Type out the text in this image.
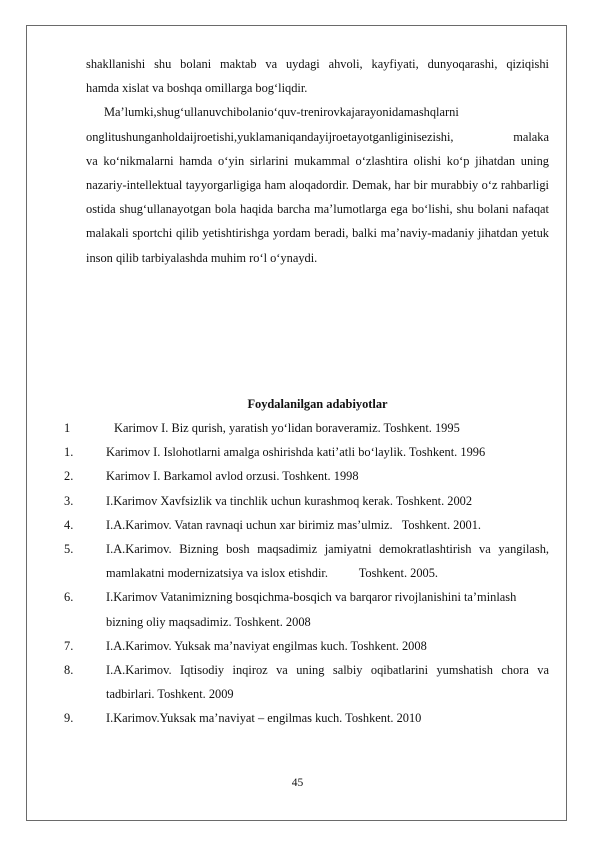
shakllanishi shu bolani maktab va uydagi ahvoli, kayfiyati, dunyoqarashi, qiziqishi
hamda xislat va boshqa omillarga bog‘liqdir.

Ma’lumki,shug‘ullanuvchibolanio‘quv-trenirovkajarayonidamashqlarni
onglitushunganholdaijroetishi,yuklamaniqandayijroetayotganliginisezishi, malaka
va ko‘nikmalarni hamda o‘yin sirlarini mukammal o‘zlashtira olishi ko‘p jihatdan uning nazariy-intellektual tayyorgarligiga ham aloqadordir. Demak, har bir murabbiy o‘z rahbarligi ostida shug‘ullanayotgan bola haqida barcha ma’lumotlarga ega bo‘lishi, shu bolani nafaqat malakali sportchi qilib yetishtirishga yordam beradi, balki ma’naviy-madaniy jihatdan yetuk inson qilib tarbiyalashda muhim ro‘l o‘ynaydi.

Foydalanilgan adabiyotlar

1	Karimov I. Biz qurish, yaratish yo‘lidan boraveramiz. Toshkent. 1995
1.	Karimov I. Islohotlarni amalga oshirishda kati’atli bo‘laylik. Toshkent. 1996
2.	Karimov I. Barkamol avlod orzusi. Toshkent. 1998
3.	I.Karimov Xavfsizlik va tinchlik uchun kurashmoq kerak. Toshkent. 2002
4.	I.A.Karimov. Vatan ravnaqi uchun xar birimiz mas’ulmiz.   Toshkent. 2001.
5.	I.A.Karimov. Bizning bosh maqsadimiz jamiyatni demokratlashtirish va yangilash, mamlakatni modernizatsiya va islox etishdir.          Toshkent. 2005.
6.	I.Karimov Vatanimizning bosqichma-bosqich va barqaror rivojlanishini ta’minlash bizning oliy maqsadimiz. Toshkent. 2008
7.	I.A.Karimov. Yuksak ma’naviyat engilmas kuch. Toshkent. 2008
8.	I.A.Karimov. Iqtisodiy inqiroz va uning salbiy oqibatlarini yumshatish chora va tadbirlari. Toshkent. 2009
9.	I.Karimov.Yuksak ma’naviyat – engilmas kuch. Toshkent. 2010
45
